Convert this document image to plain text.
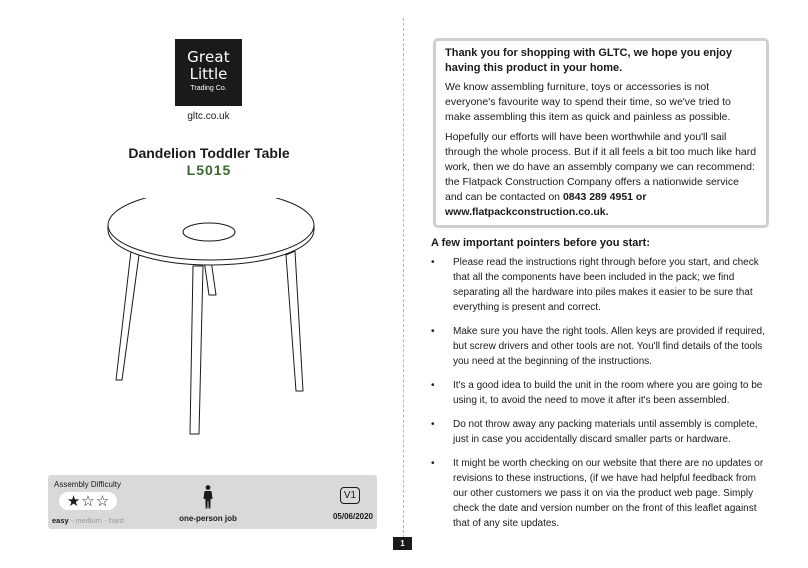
Great
Little
Trading Co.
gltc.co.uk
Dandelion Toddler Table
L5015
Assembly Difficulty
★ ☆ ☆
easy - medium - hard	one-person job
V1
05/06/2020
1
Thank you for shopping with GLTC, we hope you enjoy having this product in your home.

We know assembling furniture, toys or accessories is not everyone's favourite way to spend their time, so we've tried to make assembling this item as quick and painless as possible.

Hopefully our efforts will have been worthwhile and you'll sail through the whole process. But if it all feels a bit too much like hard work, then we do have an assembly company we can recommend: the Flatpack Construction Company offers a nationwide service and can be contacted on 0843 289 4951 or www.flatpackconstruction.co.uk.

A few important pointers before you start:
• Please read the instructions right through before you start, and check that all the components have been included in the pack; we find separating all the hardware into piles makes it easier to be sure that everything is present and correct.
• Make sure you have the right tools. Allen keys are provided if required, but screw drivers and other tools are not. You'll find details of the tools you need at the beginning of the instructions.
• It's a good idea to build the unit in the room where you are going to be using it, to avoid the need to move it after it's been assembled.
• Do not throw away any packing materials until assembly is complete, just in case you accidentally discard smaller parts or hardware.
• It might be worth checking on our website that there are no updates or revisions to these instructions, (if we have had helpful feedback from our other customers we pass it on via the product web page. Simply check the date and version number on the front of this leaflet against that of any site updates.
